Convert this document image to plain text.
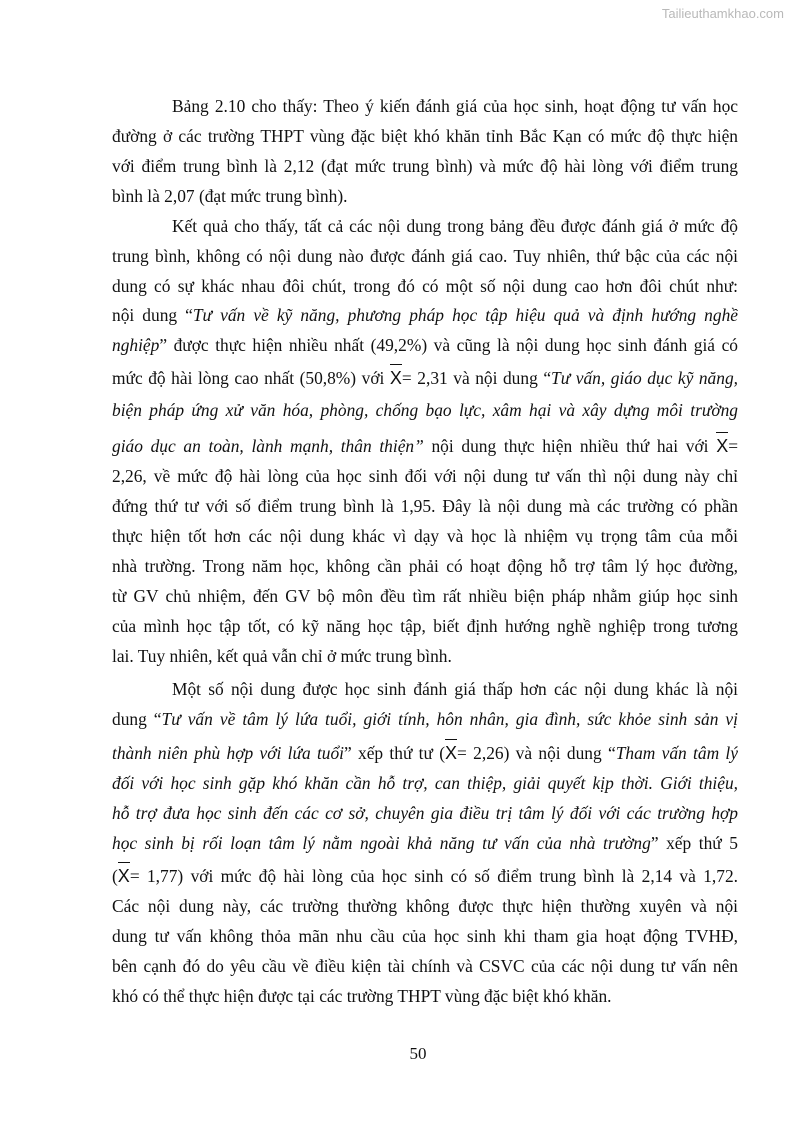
Tailieuthamkhao.com
Bảng 2.10 cho thấy: Theo ý kiến đánh giá của học sinh, hoạt động tư vấn học
đường ở các trường THPT vùng đặc biệt khó khăn tỉnh Bắc Kạn có mức độ thực hiện
với điểm trung bình là 2,12 (đạt mức trung bình) và mức độ hài lòng với điểm trung
bình là 2,07 (đạt mức trung bình).
Kết quả cho thấy, tất cả các nội dung trong bảng đều được đánh giá ở mức độ
trung bình, không có nội dung nào được đánh giá cao. Tuy nhiên, thứ bậc của các nội
dung có sự khác nhau đôi chút, trong đó có một số nội dung cao hơn đôi chút như:
nội dung “Tư vấn về kỹ năng, phương pháp học tập hiệu quả và định hướng nghề
nghiệp” được thực hiện nhiều nhất (49,2%) và cũng là nội dung học sinh đánh giá có
mức độ hài lòng cao nhất (50,8%) với X= 2,31 và nội dung “Tư vấn, giáo dục kỹ năng,
biện pháp ứng xử văn hóa, phòng, chống bạo lực, xâm hại và xây dựng môi trường
giáo dục an toàn, lành mạnh, thân thiện” nội dung thực hiện nhiều thứ hai với X=
2,26, về mức độ hài lòng của học sinh đối với nội dung tư vấn thì nội dung này chỉ
đứng thứ tư với số điểm trung bình là 1,95. Đây là nội dung mà các trường có phần
thực hiện tốt hơn các nội dung khác vì dạy và học là nhiệm vụ trọng tâm của mỗi
nhà trường. Trong năm học, không cần phải có hoạt động hỗ trợ tâm lý học đường,
từ GV chủ nhiệm, đến GV bộ môn đều tìm rất nhiều biện pháp nhằm giúp học sinh
của mình học tập tốt, có kỹ năng học tập, biết định hướng nghề nghiệp trong tương
lai. Tuy nhiên, kết quả vẫn chỉ ở mức trung bình.
Một số nội dung được học sinh đánh giá thấp hơn các nội dung khác là nội
dung “Tư vấn về tâm lý lứa tuổi, giới tính, hôn nhân, gia đình, sức khỏe sinh sản vị
thành niên phù hợp với lứa tuổi” xếp thứ tư (X= 2,26) và nội dung “Tham vấn tâm lý
đối với học sinh gặp khó khăn cần hỗ trợ, can thiệp, giải quyết kịp thời. Giới thiệu,
hỗ trợ đưa học sinh đến các cơ sở, chuyên gia điều trị tâm lý đối với các trường hợp
học sinh bị rối loạn tâm lý nằm ngoài khả năng tư vấn của nhà trường” xếp thứ 5
(X= 1,77) với mức độ hài lòng của học sinh có số điểm trung bình là 2,14 và 1,72.
Các nội dung này, các trường thường không được thực hiện thường xuyên và nội
dung tư vấn không thỏa mãn nhu cầu của học sinh khi tham gia hoạt động TVHĐ,
bên cạnh đó do yêu cầu về điều kiện tài chính và CSVC của các nội dung tư vấn nên
khó có thể thực hiện được tại các trường THPT vùng đặc biệt khó khăn.
50
